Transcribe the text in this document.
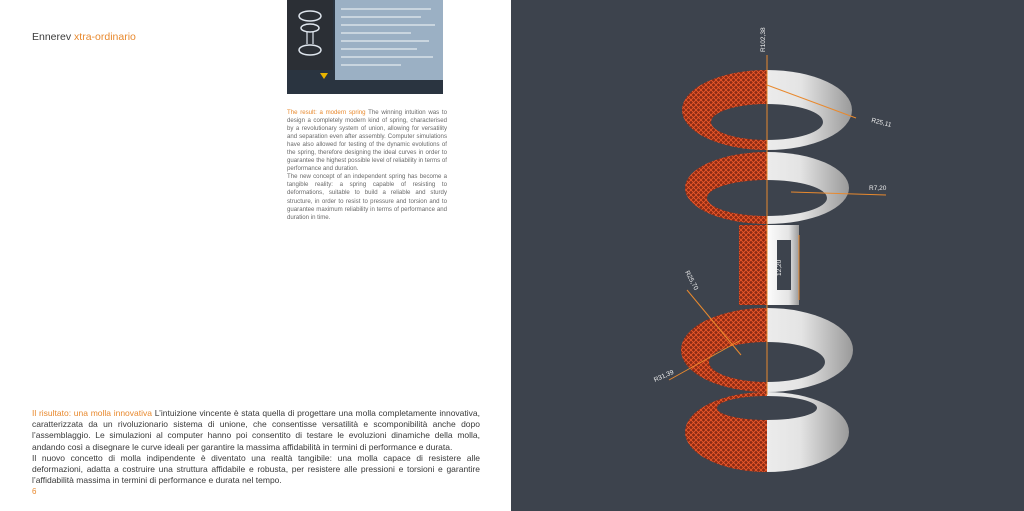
Ennerev xtra-ordinario

The result: a modern spring The winning intuition was to design a completely modern kind of spring, characterised by a revolutionary system of union, allowing for versatility and separation even after assembly. Computer simulations have also allowed for testing of the dynamic evolutions of the spring, therefore designing the ideal curves in order to guarantee the highest possible level of reliability in terms of performance and duration.
The new concept of an independent spring has become a tangible reality: a spring capable of resisting to deformations, suitable to build a reliable and sturdy structure, in order to resist to pressure and torsion and to guarantee maximum reliability in terms of performance and duration in time.

Il risultato: una molla innovativa L’intuizione vincente è stata quella di progettare una molla completamente innovativa, caratterizzata da un rivoluzionario sistema di unione, che consentisse versatilità e scomponibilità anche dopo l’assemblaggio. Le simulazioni al computer hanno poi consentito di testare le evoluzioni dinamiche della molla, andando così a disegnare le curve ideali per garantire la massima affidabilità in termini di performance e durata.
Il nuovo concetto di molla indipendente è diventato una realtà tangibile: una molla capace di resistere alle deformazioni, adatta a costruire una struttura affidabile e robusta, per resistere alle pressioni e torsioni e garantire l’affidabilità massima in termini di performance e durata nel tempo.

6
R102,38
R25,11
R7,20
12,20
R25,70
R31,39
